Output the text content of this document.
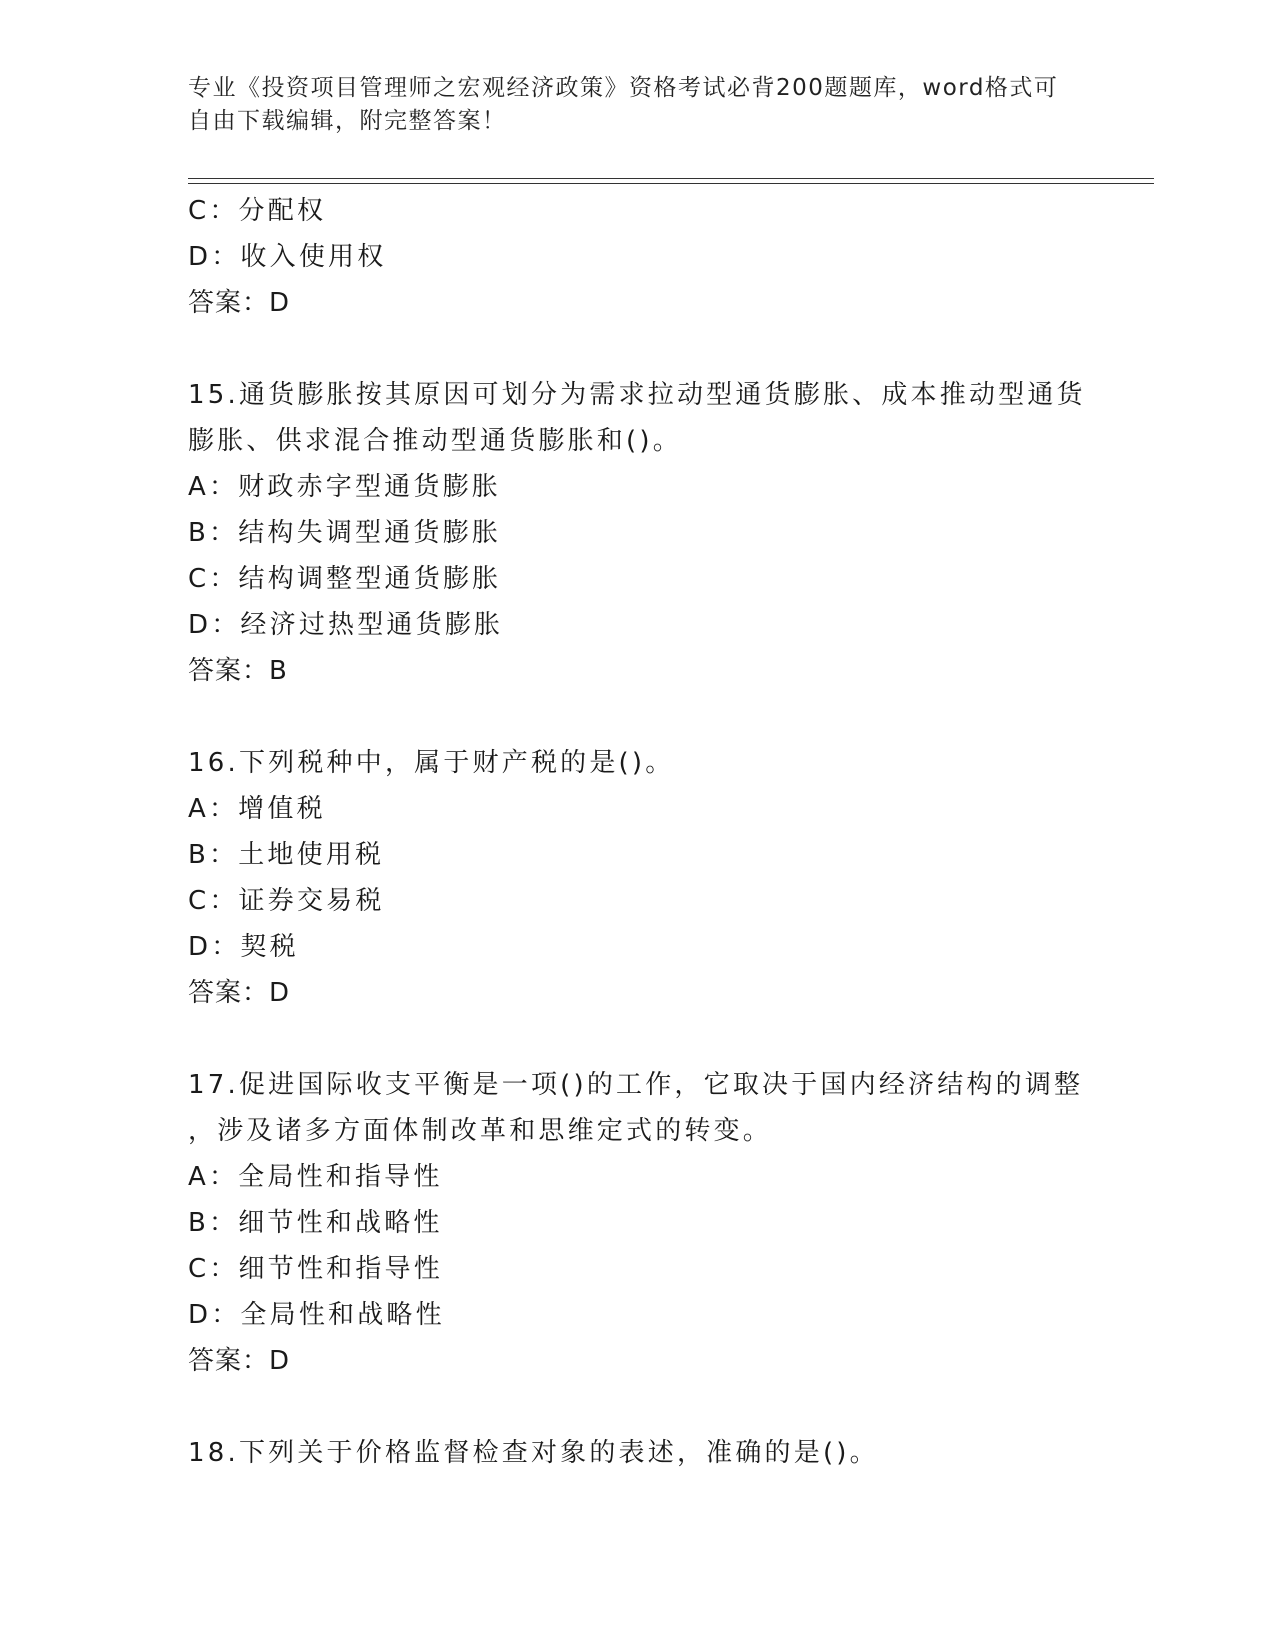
专业《投资项目管理师之宏观经济政策》资格考试必背200题题库，word格式可
自由下载编辑，附完整答案！
C：分配权
D：收入使用权
答案：D
15.通货膨胀按其原因可划分为需求拉动型通货膨胀、成本推动型通货
膨胀、供求混合推动型通货膨胀和()。
A：财政赤字型通货膨胀
B：结构失调型通货膨胀
C：结构调整型通货膨胀
D：经济过热型通货膨胀
答案：B
16.下列税种中，属于财产税的是()。
A：增值税
B：土地使用税
C：证券交易税
D：契税
答案：D
17.促进国际收支平衡是一项()的工作，它取决于国内经济结构的调整
，涉及诸多方面体制改革和思维定式的转变。
A：全局性和指导性
B：细节性和战略性
C：细节性和指导性
D：全局性和战略性
答案：D
18.下列关于价格监督检查对象的表述，准确的是()。
